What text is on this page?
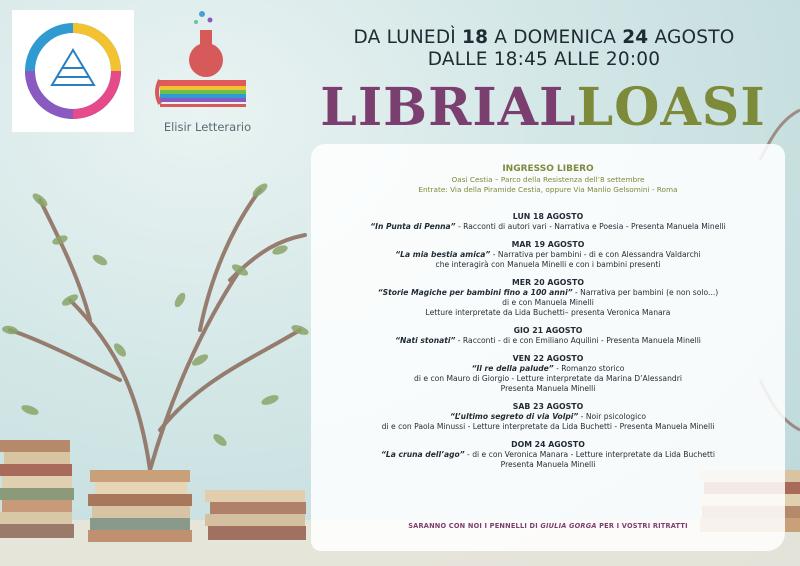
Elisir Letterario
DA LUNEDÌ 18 A DOMENICA 24 AGOSTO
DALLE 18:45 ALLE 20:00
LIBRIALLOASI
INGRESSO LIBERO
Oasi Cestia – Parco della Resistenza dell’8 settembre
Entrate: Via della Piramide Cestia, oppure Via Manlio Gelsomini - Roma
LUN 18 AGOSTO
“In Punta di Penna” - Racconti di autori vari - Narrativa e Poesia - Presenta Manuela Minelli
MAR 19 AGOSTO
“La mia bestia amica” - Narrativa per bambini - di e con Alessandra Valdarchi
che interagirà con Manuela Minelli e con i bambini presenti
MER 20 AGOSTO
“Storie Magiche per bambini fino a 100 anni” - Narrativa per bambini (e non solo...)
di e con Manuela Minelli
Letture interpretate da Lida Buchetti– presenta Veronica Manara
GIO 21 AGOSTO
“Nati stonati” - Racconti - di e con Emiliano Aquilini - Presenta Manuela Minelli
VEN 22 AGOSTO
“Il re della palude” - Romanzo storico
di e con Mauro di Giorgio - Letture interpretate da Marina D’Alessandri
Presenta Manuela Minelli
SAB 23 AGOSTO
“L’ultimo segreto di via Volpi” - Noir psicologico
di e con Paola Minussi - Letture interpretate da Lida Buchetti - Presenta Manuela Minelli
DOM 24 AGOSTO
“La cruna dell’ago” - di e con Veronica Manara - Letture interpretate da Lida Buchetti
Presenta Manuela Minelli
SARANNO CON NOI I PENNELLI DI GIULIA GORGA PER I VOSTRI RITRATTI
